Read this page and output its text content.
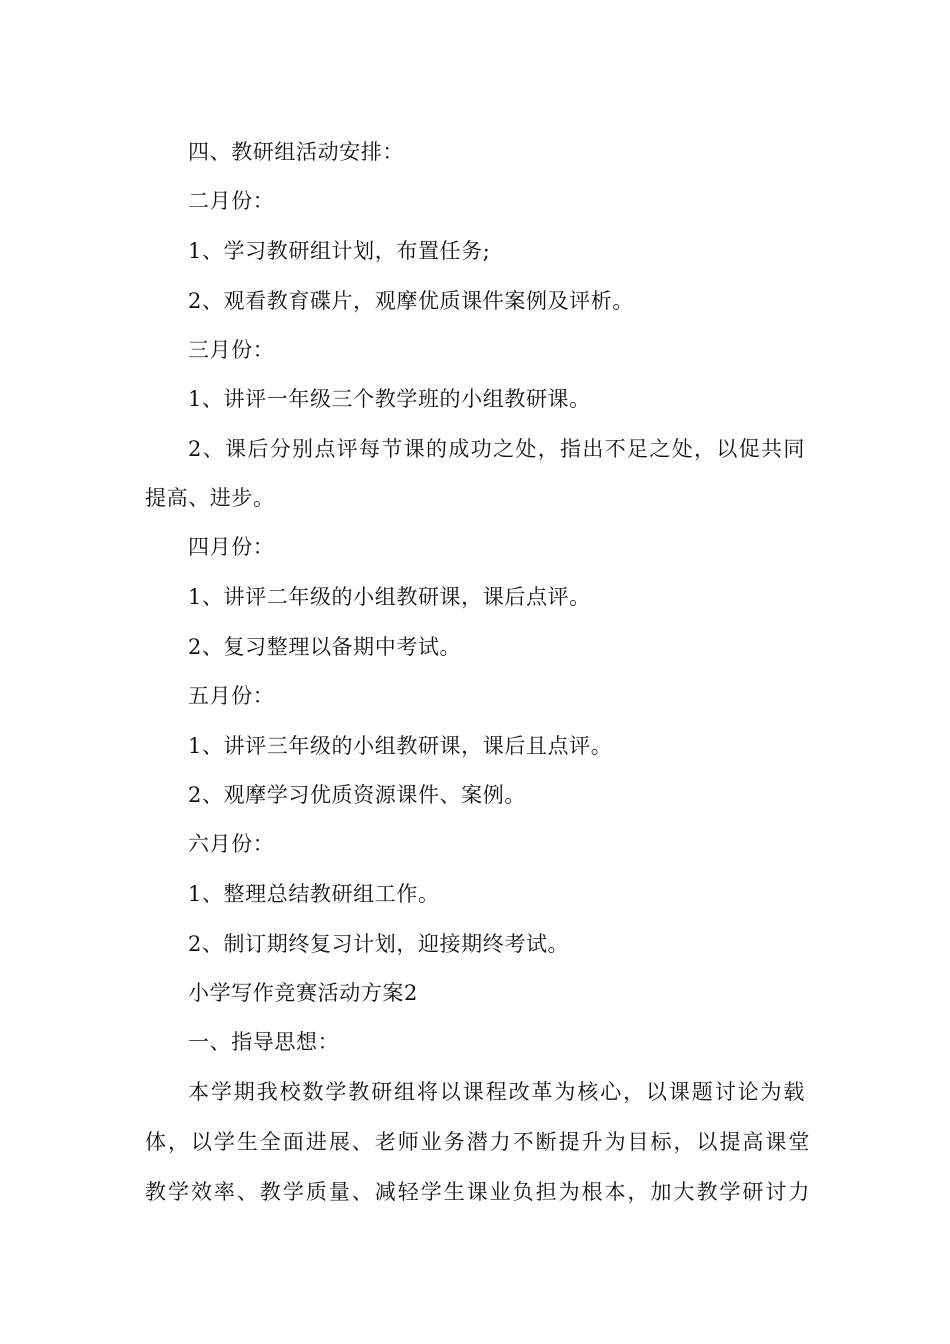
四、教研组活动安排：
二月份：
1、学习教研组计划，布置任务;
2、观看教育碟片，观摩优质课件案例及评析。
三月份：
1、讲评一年级三个教学班的小组教研课。
2、课后分别点评每节课的成功之处，指出不足之处，以促共同
提高、进步。
四月份：
1、讲评二年级的小组教研课，课后点评。
2、复习整理以备期中考试。
五月份：
1、讲评三年级的小组教研课，课后且点评。
2、观摩学习优质资源课件、案例。
六月份：
1、整理总结教研组工作。
2、制订期终复习计划，迎接期终考试。
小学写作竞赛活动方案2
一、指导思想：
本学期我校数学教研组将以课程改革为核心，以课题讨论为载
体，以学生全面进展、老师业务潜力不断提升为目标，以提高课堂
教学效率、教学质量、减轻学生课业负担为根本，加大教学研讨力
